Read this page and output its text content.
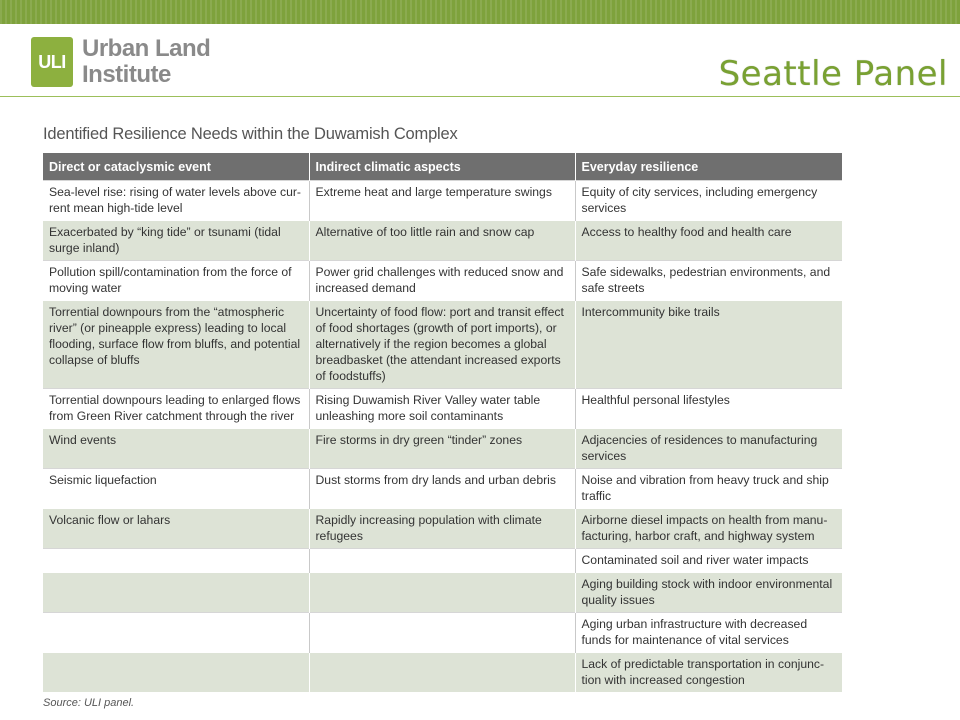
ULI Urban Land
Institute	Seattle Panel
Identified Resilience Needs within the Duwamish Complex
Direct or cataclysmic event	Indirect climatic aspects	Everyday resilience
Sea-level rise: rising of water levels above cur-rent mean high-tide level	Extreme heat and large temperature swings	Equity of city services, including emergency services
Exacerbated by “king tide” or tsunami (tidal surge inland)	Alternative of too little rain and snow cap	Access to healthy food and health care
Pollution spill/contamination from the force of moving water	Power grid challenges with reduced snow and increased demand	Safe sidewalks, pedestrian environments, and safe streets
Torrential downpours from the “atmospheric river” (or pineapple express) leading to local flooding, surface flow from bluffs, and potential collapse of bluffs	Uncertainty of food flow: port and transit effect of food shortages (growth of port imports), or alternatively if the region becomes a global breadbasket (the attendant increased exports of foodstuffs)	Intercommunity bike trails
Torrential downpours leading to enlarged flows from Green River catchment through the river	Rising Duwamish River Valley water table unleashing more soil contaminants	Healthful personal lifestyles
Wind events	Fire storms in dry green “tinder” zones	Adjacencies of residences to manufacturing services
Seismic liquefaction	Dust storms from dry lands and urban debris	Noise and vibration from heavy truck and ship traffic
Volcanic flow or lahars	Rapidly increasing population with climate refugees	Airborne diesel impacts on health from manu-facturing, harbor craft, and highway system
		Contaminated soil and river water impacts
		Aging building stock with indoor environmental quality issues
		Aging urban infrastructure with decreased funds for maintenance of vital services
		Lack of predictable transportation in conjunc-tion with increased congestion
Source: ULI panel.
